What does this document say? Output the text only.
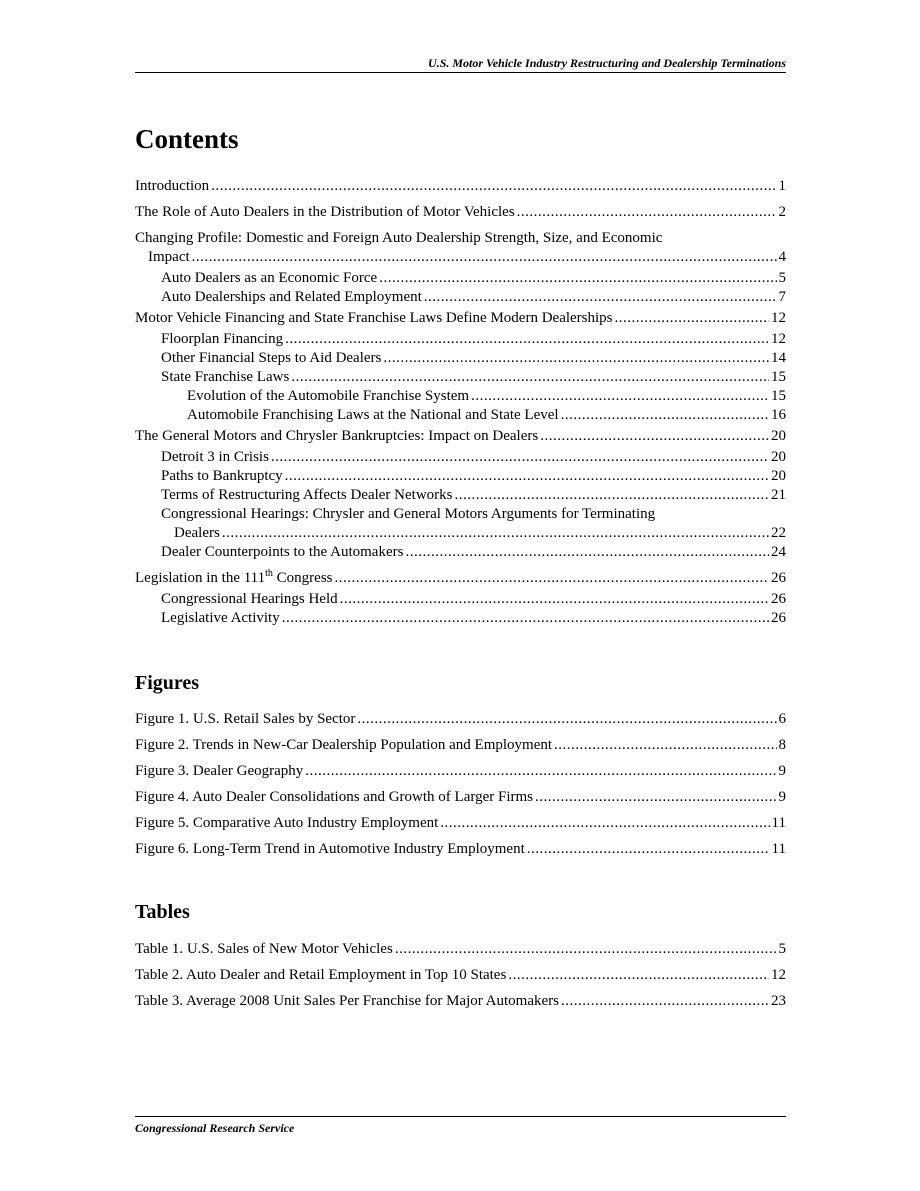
U.S. Motor Vehicle Industry Restructuring and Dealership Terminations
Contents
Introduction .....	1
The Role of Auto Dealers in the Distribution of Motor Vehicles .....	2
Changing Profile: Domestic and Foreign Auto Dealership Strength, Size, and Economic
Impact .....	4
Auto Dealers as an Economic Force .....	5
Auto Dealerships and Related Employment .....	7
Motor Vehicle Financing and State Franchise Laws Define Modern Dealerships .....	12
Floorplan Financing .....	12
Other Financial Steps to Aid Dealers .....	14
State Franchise Laws .....	15
Evolution of the Automobile Franchise System .....	15
Automobile Franchising Laws at the National and State Level .....	16
The General Motors and Chrysler Bankruptcies: Impact on Dealers .....	20
Detroit 3 in Crisis .....	20
Paths to Bankruptcy .....	20
Terms of Restructuring Affects Dealer Networks .....	21
Congressional Hearings: Chrysler and General Motors Arguments for Terminating
Dealers .....	22
Dealer Counterpoints to the Automakers .....	24
Legislation in the 111th Congress .....	26
Congressional Hearings Held .....	26
Legislative Activity .....	26
Figures
Figure 1. U.S. Retail Sales by Sector .....	6
Figure 2. Trends in New-Car Dealership Population and Employment .....	8
Figure 3. Dealer Geography .....	9
Figure 4. Auto Dealer Consolidations and Growth of Larger Firms .....	9
Figure 5. Comparative Auto Industry Employment .....	11
Figure 6. Long-Term Trend in Automotive Industry Employment .....	11
Tables
Table 1. U.S. Sales of New Motor Vehicles .....	5
Table 2. Auto Dealer and Retail Employment in Top 10 States .....	12
Table 3. Average 2008 Unit Sales Per Franchise for Major Automakers .....	23
Congressional Research Service
